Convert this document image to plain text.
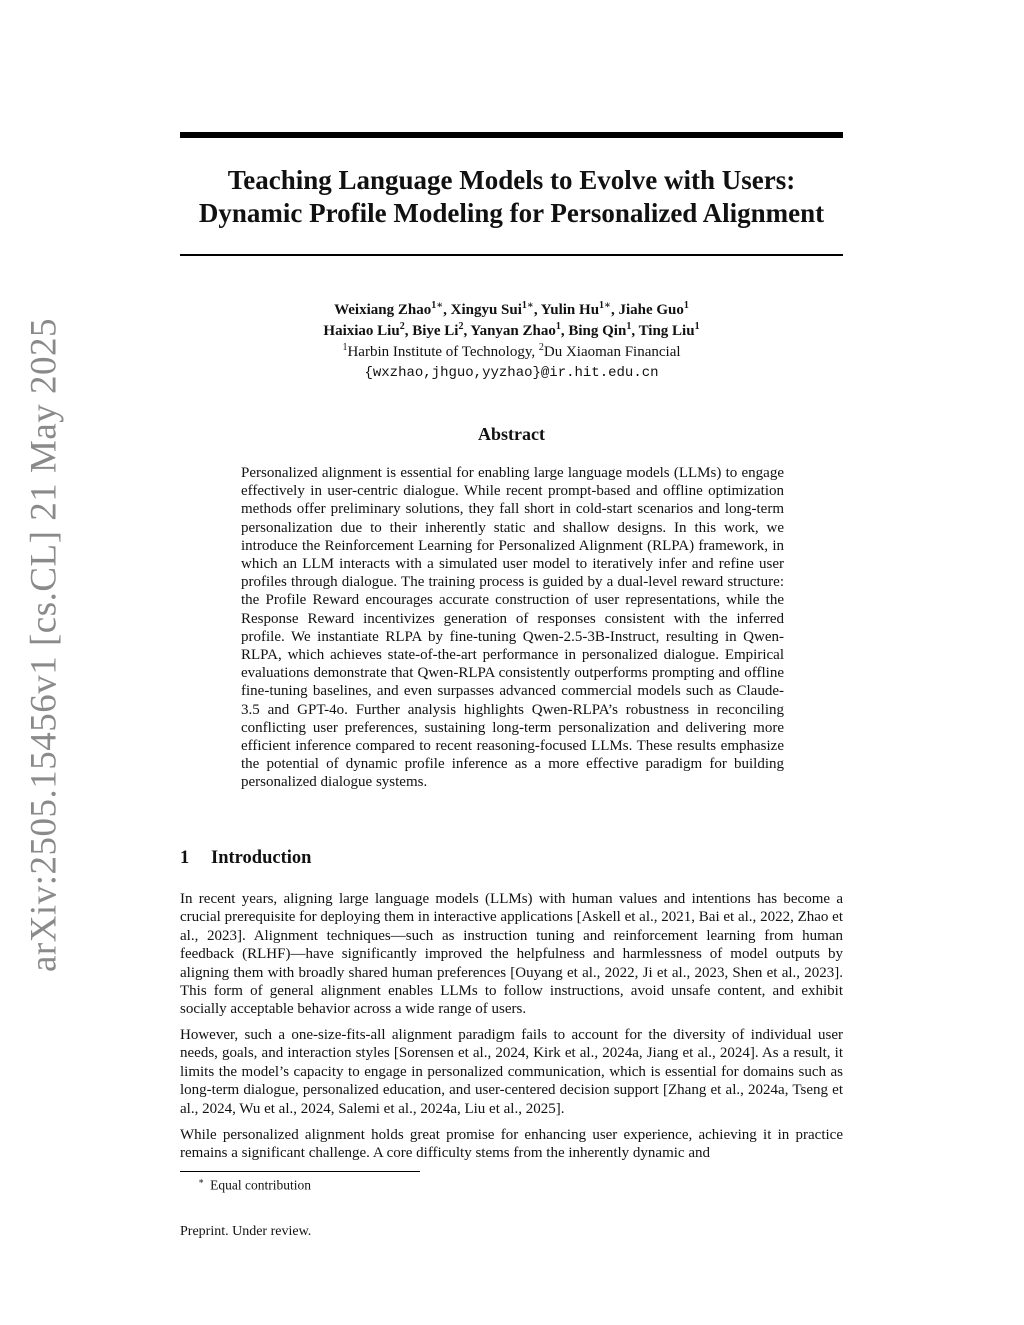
arXiv:2505.15456v1 [cs.CL] 21 May 2025
Teaching Language Models to Evolve with Users:
Dynamic Profile Modeling for Personalized Alignment
Weixiang Zhao$^{1∗}$, Xingyu Sui$^{1∗}$, Yulin $Hu^{1∗}$, Jiahe Guo$^1$
Haixiao Liu$^2$, Biye Li$^2$, Yanyan Zhao$^1$, Bing Qin$^1$, Ting Liu$^1$
$^1$Harbin Institute of Technology, $^2$Du Xiaoman Financial
{wxzhao,jhguo,yyzhao}@ir.hit.edu.cn
Abstract
Personalized alignment is essential for enabling large language models (LLMs) to engage effectively in user-centric dialogue. While recent prompt-based and offline optimization methods offer preliminary solutions, they fall short in cold-start scenarios and long-term personalization due to their inherently static and shallow designs. In this work, we introduce the Reinforcement Learning for Personalized Alignment (RLPA) framework, in which an LLM interacts with a simulated user model to iteratively infer and refine user profiles through dialogue. The training process is guided by a dual-level reward structure: the Profile Reward encourages accurate construction of user representations, while the Response Reward incentivizes generation of responses consistent with the inferred profile. We instantiate RLPA by fine-tuning Qwen-2.5-3B-Instruct, resulting in Qwen-RLPA, which achieves state-of-the-art performance in personalized dialogue. Empirical evaluations demonstrate that Qwen-RLPA consistently outperforms prompting and offline fine-tuning baselines, and even surpasses advanced commercial models such as Claude-3.5 and GPT-4o. Further analysis highlights Qwen-RLPA’s robustness in reconciling conflicting user preferences, sustaining long-term personalization and delivering more efficient inference compared to recent reasoning-focused LLMs. These results emphasize the potential of dynamic profile inference as a more effective paradigm for building personalized dialogue systems.
1 Introduction
In recent years, aligning large language models (LLMs) with human values and intentions has become a crucial prerequisite for deploying them in interactive applications [Askell et al., 2021, Bai et al., 2022, Zhao et al., 2023]. Alignment techniques—such as instruction tuning and reinforcement learning from human feedback (RLHF)—have significantly improved the helpfulness and harmlessness of model outputs by aligning them with broadly shared human preferences [Ouyang et al., 2022, Ji et al., 2023, Shen et al., 2023]. This form of general alignment enables LLMs to follow instructions, avoid unsafe content, and exhibit socially acceptable behavior across a wide range of users.
However, such a one-size-fits-all alignment paradigm fails to account for the diversity of individual user needs, goals, and interaction styles [Sorensen et al., 2024, Kirk et al., 2024a, Jiang et al., 2024]. As a result, it limits the model’s capacity to engage in personalized communication, which is essential for domains such as long-term dialogue, personalized education, and user-centered decision support [Zhang et al., 2024a, Tseng et al., 2024, Wu et al., 2024, Salemi et al., 2024a, Liu et al., 2025].
While personalized alignment holds great promise for enhancing user experience, achieving it in practice remains a significant challenge. A core difficulty stems from the inherently dynamic and
∗ Equal contribution
Preprint. Under review.
